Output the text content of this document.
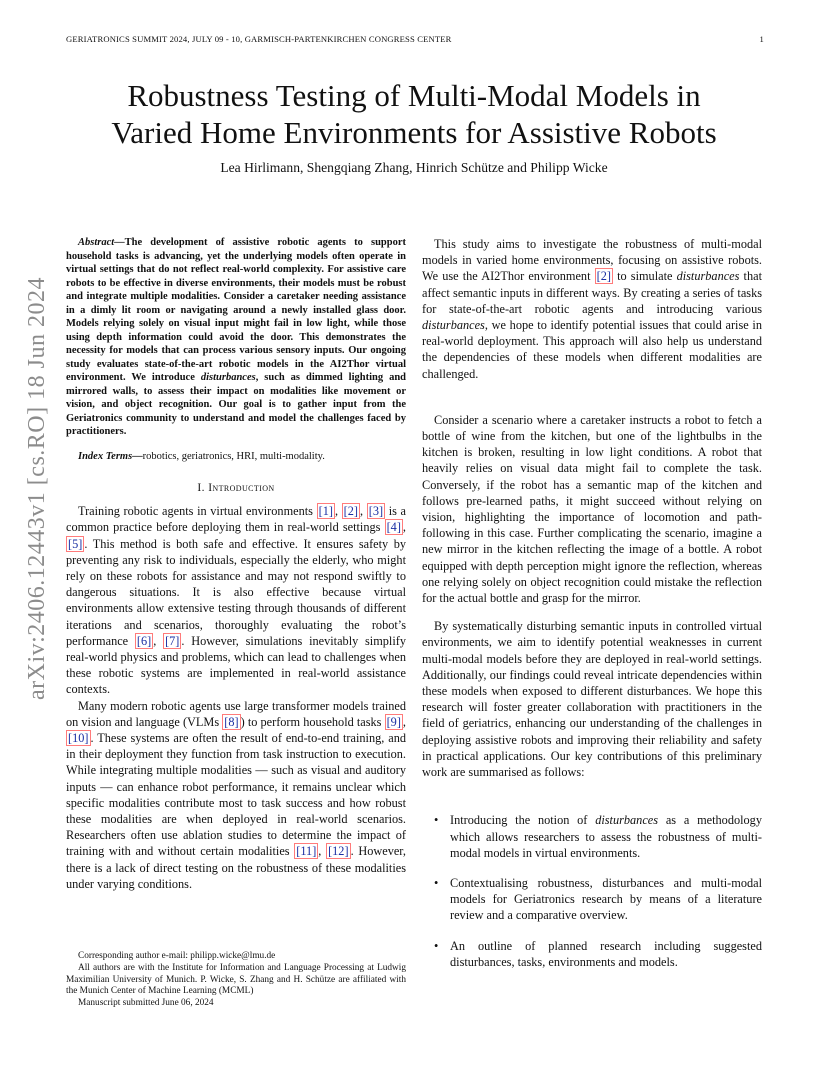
GERIATRONICS SUMMIT 2024, JULY 09 - 10, GARMISCH-PARTENKIRCHEN CONGRESS CENTER	1
Robustness Testing of Multi-Modal Models in
Varied Home Environments for Assistive Robots
Lea Hirlimann, Shengqiang Zhang, Hinrich Schütze and Philipp Wicke
arXiv:2406.12443v1 [cs.RO] 18 Jun 2024

Abstract—The development of assistive robotic agents to support household tasks is advancing, yet the underlying models often operate in virtual settings that do not reflect real-world complexity. For assistive care robots to be effective in diverse environments, their models must be robust and integrate multiple modalities. Consider a caretaker needing assistance in a dimly lit room or navigating around a newly installed glass door. Models relying solely on visual input might fail in low light, while those using depth information could avoid the door. This demonstrates the necessity for models that can process various sensory inputs. Our ongoing study evaluates state-of-the-art robotic models in the AI2Thor virtual environment. We introduce disturbances, such as dimmed lighting and mirrored walls, to assess their impact on modalities like movement or vision, and object recognition. Our goal is to gather input from the Geriatronics community to understand and model the challenges faced by practitioners.

Index Terms—robotics, geriatronics, HRI, multi-modality.

I. Introduction

Training robotic agents in virtual environments [1] , [2] , [3] is a common practice before deploying them in real-world settings [4] , [5] . This method is both safe and effective. It ensures safety by preventing any risk to individuals, especially the elderly, who might rely on these robots for assistance and may not respond swiftly to dangerous situations. It is also effective because virtual environments allow extensive testing through thousands of different iterations and scenarios, thoroughly evaluating the robot’s performance [6] , [7] . However, simulations inevitably simplify real-world physics and problems, which can lead to challenges when these robotic systems are implemented in real-world assistance contexts.

Many modern robotic agents use large transformer models trained on vision and language (VLMs [8] ) to perform household tasks [9] , [10] . These systems are often the result of end-to-end training, and in their deployment they function from task instruction to execution. While integrating multiple modalities — such as visual and auditory inputs — can enhance robot performance, it remains unclear which specific modalities contribute most to task success and how robust these modalities are when deployed in real-world scenarios. Researchers often use ablation studies to determine the impact of training with and without certain modalities [11] , [12] . However, there is a lack of direct testing on the robustness of these modalities under varying conditions.

Corresponding author e-mail: philipp.wicke@lmu.de

All authors are with the Institute for Information and Language Processing at Ludwig Maximilian University of Munich. P. Wicke, S. Zhang and H. Schütze are affiliated with the Munich Center of Machine Learning (MCML)

Manuscript submitted June 06, 2024

This study aims to investigate the robustness of multi-modal models in varied home environments, focusing on assistive robots. We use the AI2Thor environment [2] to simulate disturbances that affect semantic inputs in different ways. By creating a series of tasks for state-of-the-art robotic agents and introducing various disturbances, we hope to identify potential issues that could arise in real-world deployment. This approach will also help us understand the dependencies of these models when different modalities are challenged.

Consider a scenario where a caretaker instructs a robot to fetch a bottle of wine from the kitchen, but one of the lightbulbs in the kitchen is broken, resulting in low light conditions. A robot that heavily relies on visual data might fail to complete the task. Conversely, if the robot has a semantic map of the kitchen and follows pre-learned paths, it might succeed without relying on vision, highlighting the importance of locomotion and path-following in this case. Further complicating the scenario, imagine a new mirror in the kitchen reflecting the image of a bottle. A robot equipped with depth perception might ignore the reflection, whereas one relying solely on object recognition could mistake the reflection for the actual bottle and grasp for the mirror.

By systematically disturbing semantic inputs in controlled virtual environments, we aim to identify potential weaknesses in current multi-modal models before they are deployed in real-world settings. Additionally, our findings could reveal intricate dependencies within these models when exposed to different disturbances. We hope this research will foster greater collaboration with practitioners in the field of geriatrics, enhancing our understanding of the challenges in deploying assistive robots and improving their reliability and safety in practical applications. Our key contributions of this preliminary work are summarised as follows:

• Introducing the notion of disturbances as a methodology which allows researchers to assess the robustness of multi-modal models in virtual environments.
• Contextualising robustness, disturbances and multi-modal models for Geriatronics research by means of a literature review and a comparative overview.
• An outline of planned research including suggested disturbances, tasks, environments and models.
